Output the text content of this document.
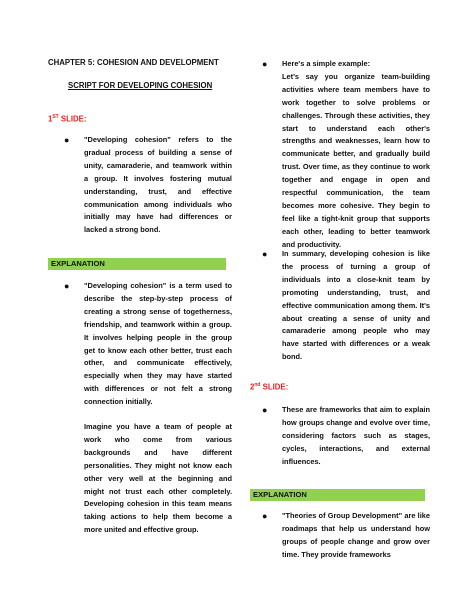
CHAPTER 5: COHESION AND DEVELOPMENT
SCRIPT FOR DEVELOPING COHESION
1ST SLIDE:
● "Developing cohesion" refers to the gradual process of building a sense of unity, camaraderie, and teamwork within a group. It involves fostering mutual understanding, trust, and effective communication among individuals who initially may have had differences or lacked a strong bond.
EXPLANATION
● "Developing cohesion" is a term used to describe the step-by-step process of creating a strong sense of togetherness, friendship, and teamwork within a group. It involves helping people in the group get to know each other better, trust each other, and communicate effectively, especially when they may have started with differences or not felt a strong connection initially.
Imagine you have a team of people at work who come from various backgrounds and have different personalities. They might not know each other very well at the beginning and might not trust each other completely. Developing cohesion in this team means taking actions to help them become a more united and effective group.
● Here's a simple example:
Let's say you organize team-building activities where team members have to work together to solve problems or challenges. Through these activities, they start to understand each other's strengths and weaknesses, learn how to communicate better, and gradually build trust. Over time, as they continue to work together and engage in open and respectful communication, the team becomes more cohesive. They begin to feel like a tight-knit group that supports each other, leading to better teamwork and productivity.
● In summary, developing cohesion is like the process of turning a group of individuals into a close-knit team by promoting understanding, trust, and effective communication among them. It's about creating a sense of unity and camaraderie among people who may have started with differences or a weak bond.
2nd SLIDE:
● These are frameworks that aim to explain how groups change and evolve over time, considering factors such as stages, cycles, interactions, and external influences.
EXPLANATION
● "Theories of Group Development" are like roadmaps that help us understand how groups of people change and grow over time. They provide frameworks
